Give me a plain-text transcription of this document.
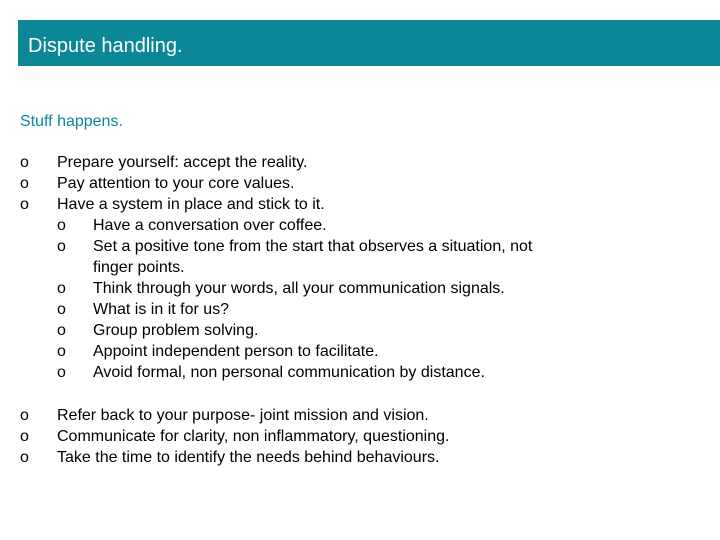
Dispute handling.
Stuff happens.
o Prepare yourself: accept the reality.
o Pay attention to your core values.
o Have a system in place and stick to it.
o Have a conversation over coffee.
o Set a positive tone from the start that observes a situation, not
finger points.
o Think through your words, all your communication signals.
o What is in it for us?
o Group problem solving.
o Appoint independent person to facilitate.
o Avoid formal, non personal communication by distance.
o Refer back to your purpose- joint mission and vision.
o Communicate for clarity, non inflammatory, questioning.
o Take the time to identify the needs behind behaviours.
